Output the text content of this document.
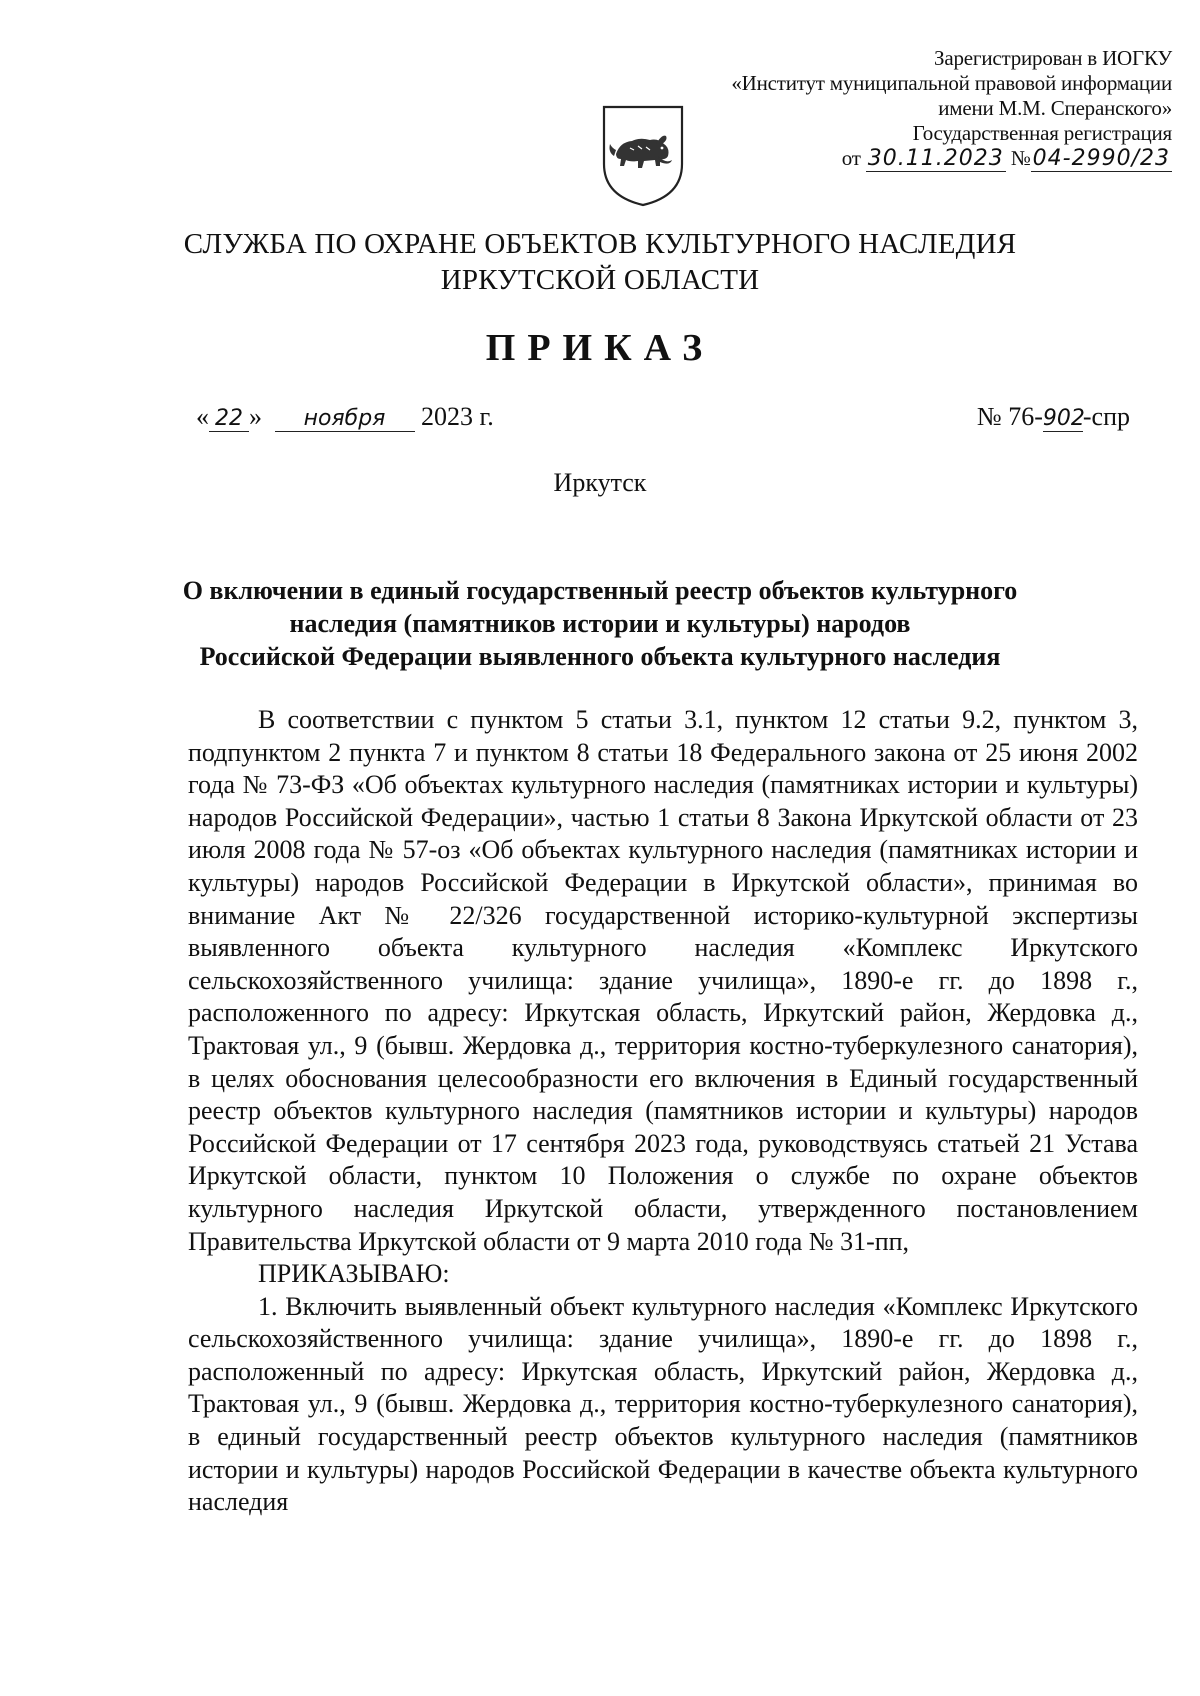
Зарегистрирован в ИОГКУ
«Институт муниципальной правовой информации
имени М.М. Сперанского»
Государственная регистрация
от 30.11.2023 №04-2990/23
СЛУЖБА ПО ОХРАНЕ ОБЪЕКТОВ КУЛЬТУРНОГО НАСЛЕДИЯ
ИРКУТСКОЙ ОБЛАСТИ
ПРИКАЗ
« 22 » ноября 2023 г.	№ 76-902-спр
Иркутск
О включении в единый государственный реестр объектов культурного
наследия (памятников истории и культуры) народов
Российской Федерации выявленного объекта культурного наследия

В соответствии с пунктом 5 статьи 3.1, пунктом 12 статьи 9.2, пунктом 3, подпунктом 2 пункта 7 и пунктом 8 статьи 18 Федерального закона от 25 июня 2002 года № 73-ФЗ «Об объектах культурного наследия (памятниках истории и культуры) народов Российской Федерации», частью 1 статьи 8 Закона Иркутской области от 23 июля 2008 года № 57-оз «Об объектах культурного наследия (памятниках истории и культуры) народов Российской Федерации в Иркутской области», принимая во внимание Акт № 22/326 государственной историко-культурной экспертизы выявленного объекта культурного наследия «Комплекс Иркутского сельскохозяйственного училища: здание училища», 1890-е гг. до 1898 г., расположенного по адресу: Иркутская область, Иркутский район, Жердовка д., Трактовая ул., 9 (бывш. Жердовка д., территория костно-туберкулезного санатория), в целях обоснования целесообразности его включения в Единый государственный реестр объектов культурного наследия (памятников истории и культуры) народов Российской Федерации от 17 сентября 2023 года, руководствуясь статьей 21 Устава Иркутской области, пунктом 10 Положения о службе по охране объектов культурного наследия Иркутской области, утвержденного постановлением Правительства Иркутской области от 9 марта 2010 года № 31-пп,

ПРИКАЗЫВАЮ:

1. Включить выявленный объект культурного наследия «Комплекс Иркутского сельскохозяйственного училища: здание училища», 1890-е гг. до 1898 г., расположенный по адресу: Иркутская область, Иркутский район, Жердовка д., Трактовая ул., 9 (бывш. Жердовка д., территория костно-туберкулезного санатория), в единый государственный реестр объектов культурного наследия (памятников истории и культуры) народов Российской Федерации в качестве объекта культурного наследия
